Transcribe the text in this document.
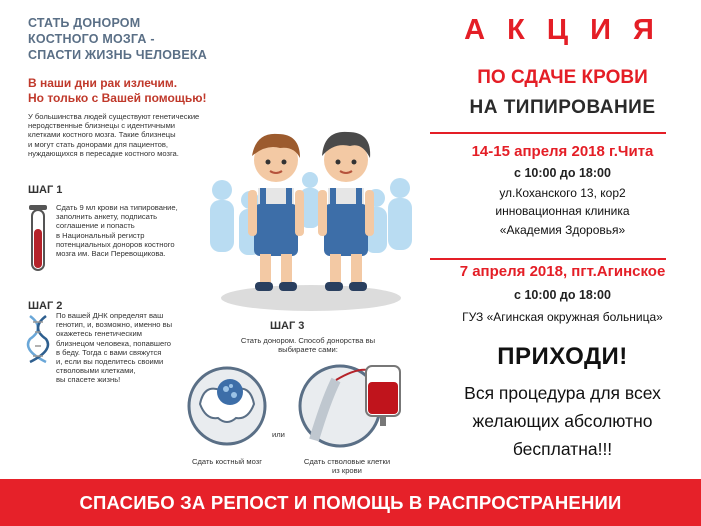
СТАТЬ ДОНОРОМ
КОСТНОГО МОЗГА -
СПАСТИ ЖИЗНЬ ЧЕЛОВЕКА
В наши дни рак излечим.
Но только с Вашей помощью!
У большинства людей существуют генетические
неродственные близнецы с идентичными
клетками костного мозга. Такие близнецы
и могут стать донорами для пациентов,
нуждающихся в пересадке костного мозга.
ШАГ 1
Сдать 9 мл крови на типирование,
заполнить анкету, подписать
соглашение и попасть
в Национальный регистр
потенциальных доноров костного
мозга им. Васи Перевощикова.
ШАГ 2
По вашей ДНК определят ваш
генотип, и, возможно, именно вы
окажетесь генетическим
близнецом человека, попавшего
в беду. Тогда с вами свяжутся
и, если вы поделитесь своими
стволовыми клетками,
вы спасете жизнь!
ШАГ 3
Стать донором. Способ донорства вы
выбираете сами:
или
Сдать костный мозг	Сдать стволовые клетки
из крови
А К Ц И Я
ПО СДАЧЕ КРОВИ
НА ТИПИРОВАНИЕ
14-15 апреля 2018 г.Чита
с 10:00 до 18:00
ул.Коханского 13, кор2
инновационная клиника
«Академия Здоровья»
7 апреля 2018, пгт.Агинское
с 10:00 до 18:00
ГУЗ «Агинская окружная больница»
ПРИХОДИ!
Вся процедура для всех
желающих абсолютно
бесплатна!!!
СПАСИБО ЗА РЕПОСТ И ПОМОЩЬ В РАСПРОСТРАНЕНИИ
